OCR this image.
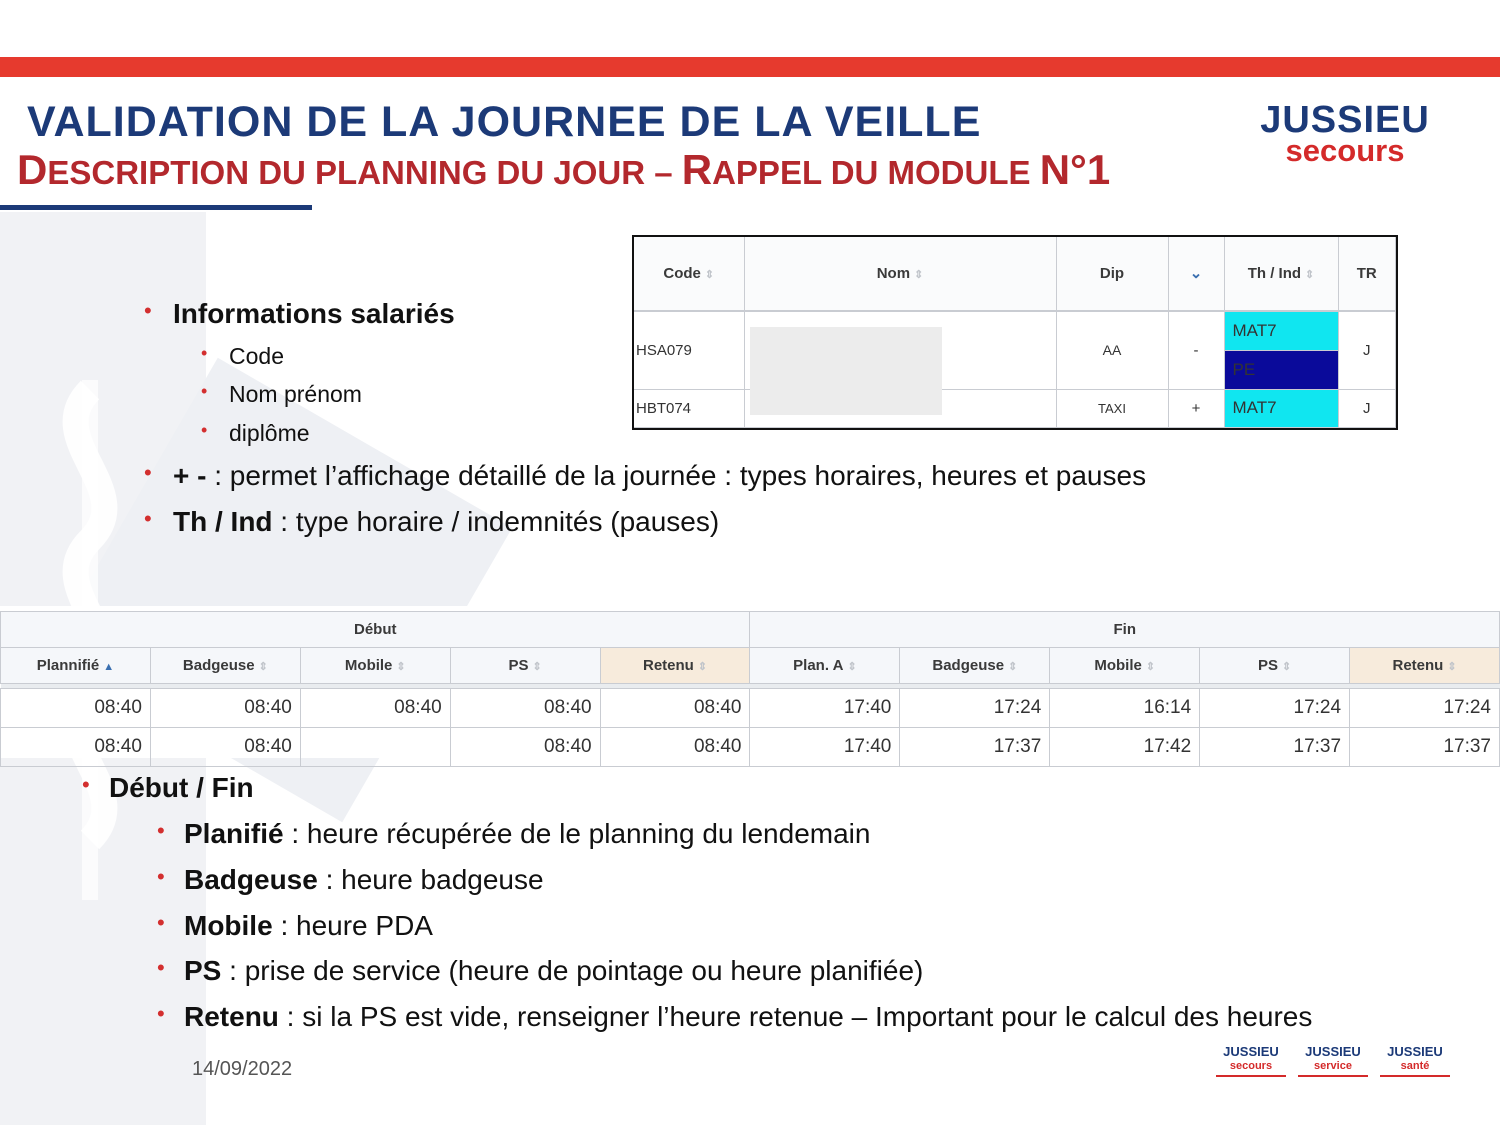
VALIDATION DE LA JOURNEE DE LA VEILLE
DESCRIPTION DU PLANNING DU JOUR – RAPPEL DU MODULE N°1
JUSSIEU
secours
Code ⇕	Nom ⇕	Dip	⌄	Th / Ind ⇕	TR
HSA079		AA	-	MAT7	J
				PE	
HBT074		TAXI	+	MAT7	J
• Informations salariés
• Code
• Nom prénom
• diplôme
• + - : permet l’affichage détaillé de la journée : types horaires, heures et pauses
• Th / Ind : type horaire / indemnités (pauses)
Début					Fin				
Plannifié ▲	Badgeuse ⇕	Mobile ⇕	PS ⇕	Retenu ⇕	Plan. A ⇕	Badgeuse ⇕	Mobile ⇕	PS ⇕	Retenu ⇕

08:40	08:40	08:40	08:40	08:40	17:40	17:24	16:14	17:24	17:24
08:40	08:40		08:40	08:40	17:40	17:37	17:42	17:37	17:37
• Début / Fin
• Planifié : heure récupérée de le planning du lendemain
• Badgeuse : heure badgeuse
• Mobile : heure PDA
• PS : prise de service (heure de pointage ou heure planifiée)
• Retenu : si la PS est vide, renseigner l’heure retenue – Important pour le calcul des heures
14/09/2022
JUSSIEU
secours
JUSSIEU
service
JUSSIEU
santé
